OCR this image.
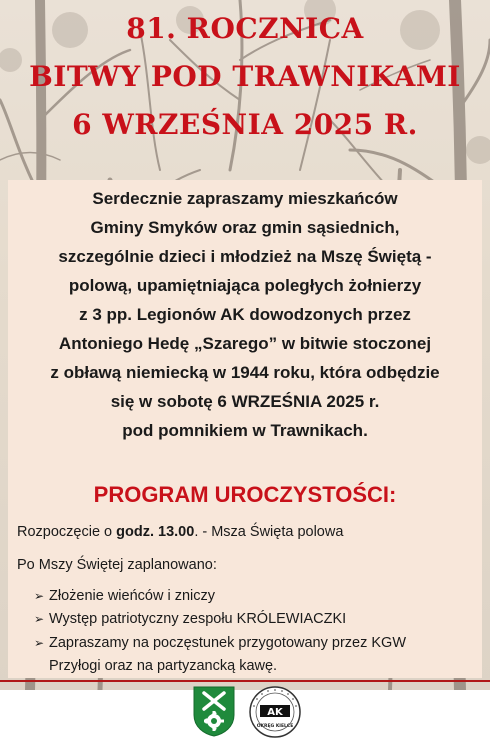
81. ROCZNICA
BITWY POD TRAWNIKAMI
6 WRZEŚNIA 2025 R.
Serdecznie zapraszamy mieszkańców
Gminy Smyków oraz gmin sąsiednich,
szczególnie dzieci i młodzież na Mszę Świętą -
polową, upamiętniająca poległych żołnierzy
z 3 pp. Legionów AK dowodzonych przez
Antoniego Hedę „Szarego” w bitwie stoczonej
z obławą niemiecką w 1944 roku, która odbędzie
się w sobotę 6 WRZEŚNIA 2025 r.
pod pomnikiem w Trawnikach.
PROGRAM UROCZYSTOŚCI:
Rozpoczęcie o godz. 13.00. - Msza Święta polowa
Po Mszy Świętej zaplanowano:
➢ Złożenie wieńców i zniczy
➢ Występ patriotyczny zespołu KRÓLEWIACZKI
➢ Zapraszamy na poczęstunek przygotowany przez KGW
Przyłogi oraz na partyzancką kawę.
AK
OKRĘG KIELCE
